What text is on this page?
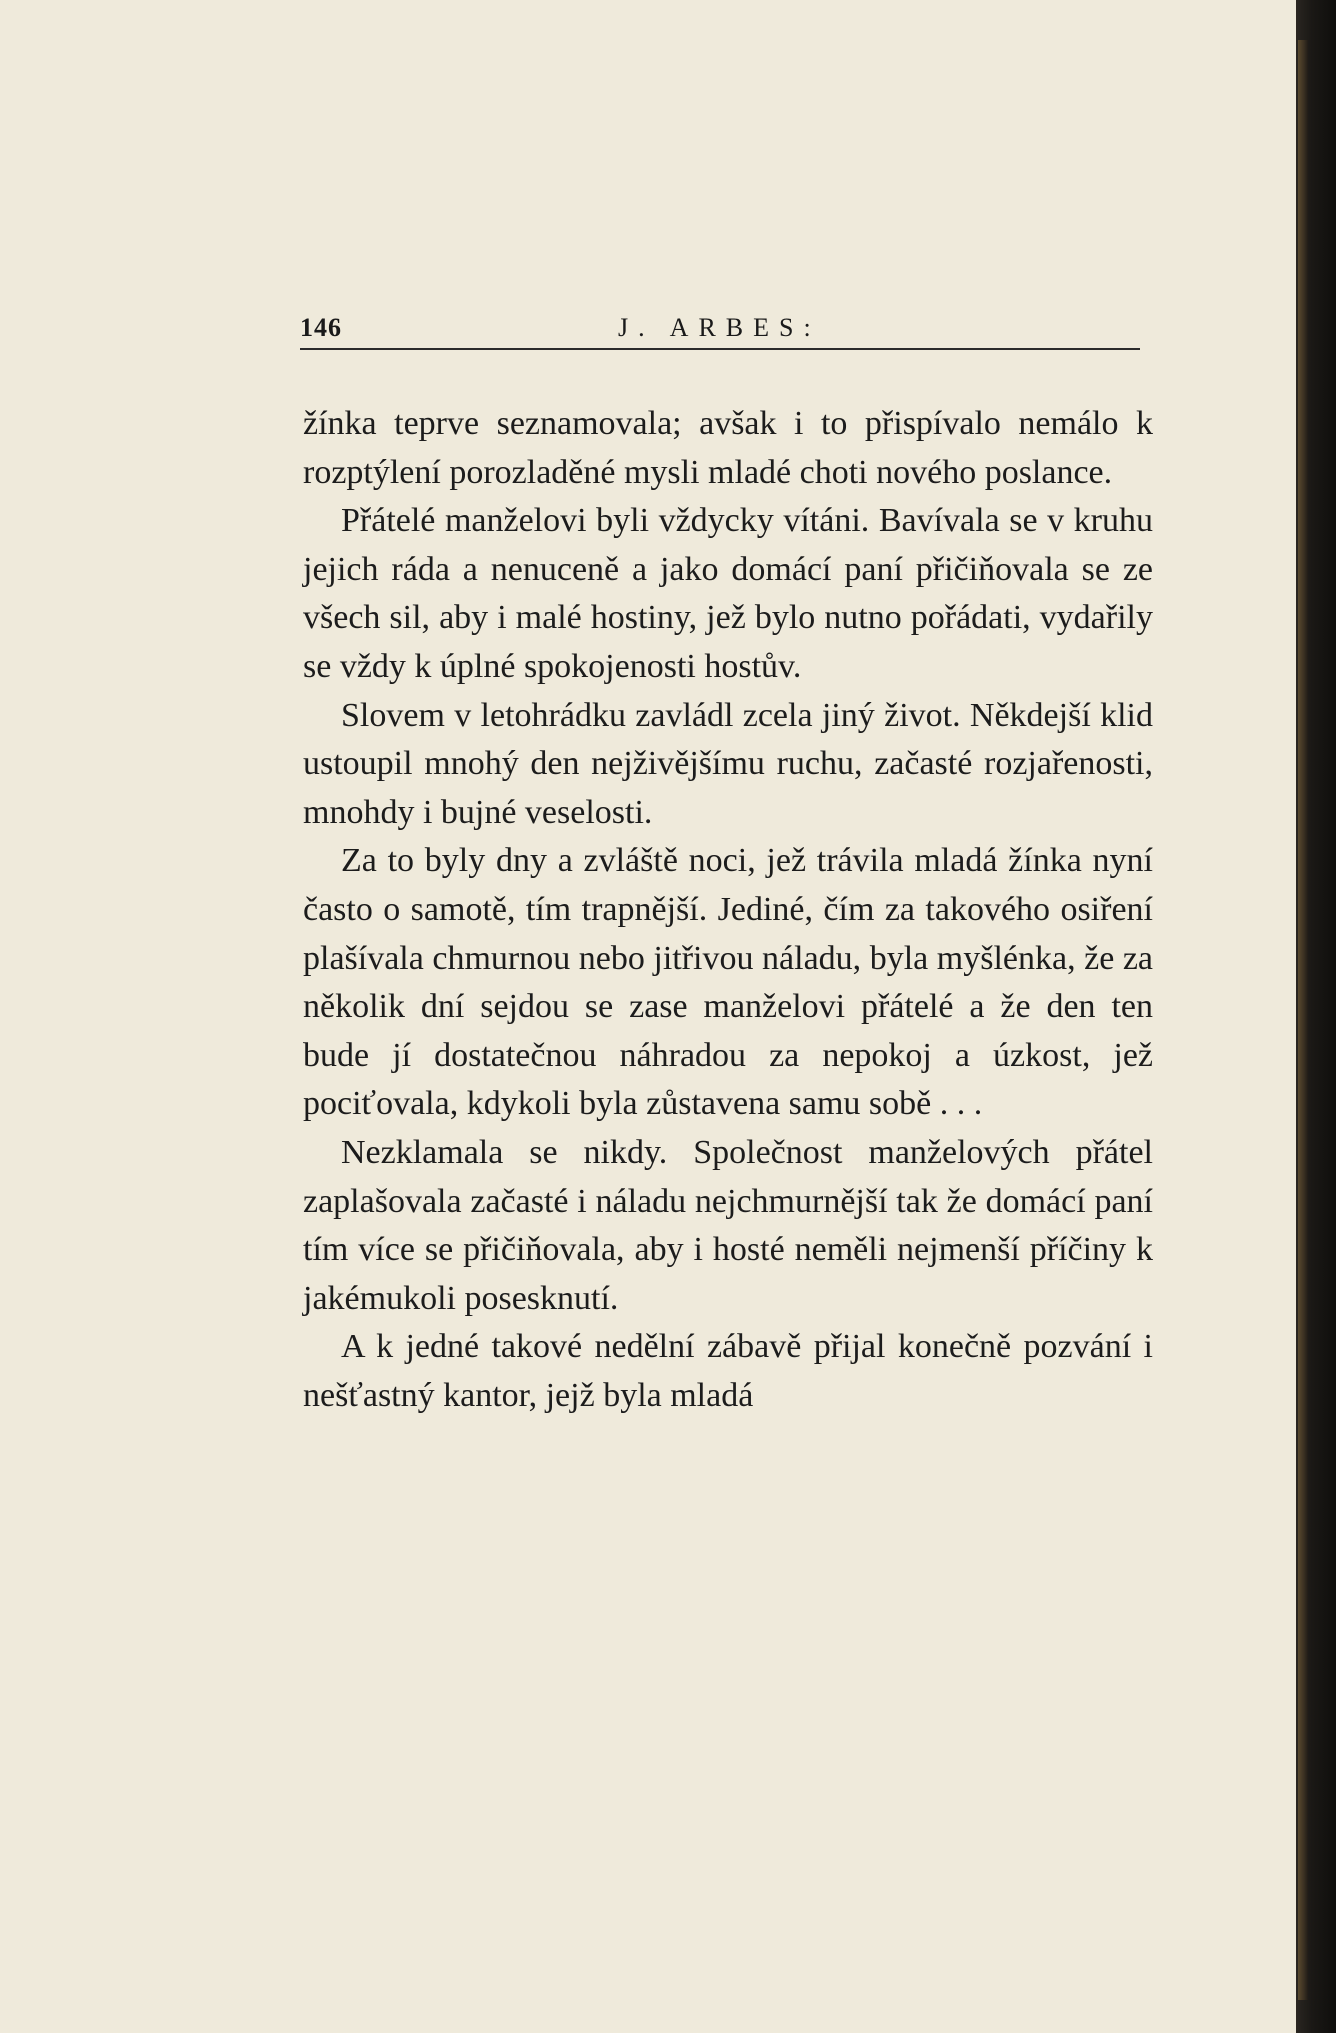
146	J. ARBES:

žínka teprve seznamovala; avšak i to přispívalo nemálo k rozptýlení porozladěné mysli mladé choti nového poslance.

Přátelé manželovi byli vždycky vítáni. Bavívala se v kruhu jejich ráda a nenuceně a jako domácí paní přičiňovala se ze všech sil, aby i malé hostiny, jež bylo nutno pořádati, vydařily se vždy k úplné spokojenosti hostův.

Slovem v letohrádku zavládl zcela jiný život. Někdejší klid ustoupil mnohý den nejživějšímu ruchu, začasté rozjařenosti, mnohdy i bujné veselosti.

Za to byly dny a zvláště noci, jež trávila mladá žínka nyní často o samotě, tím trapnější. Jediné, čím za takového osiření plašívala chmurnou nebo jitřivou náladu, byla myšlénka, že za několik dní sejdou se zase manželovi přátelé a že den ten bude jí dostatečnou náhradou za nepokoj a úzkost, jež pociťovala, kdykoli byla zůstavena samu sobě . . .

Nezklamala se nikdy. Společnost manželových přátel zaplašovala začasté i náladu nejchmurnější tak že domácí paní tím více se přičiňovala, aby i hosté neměli nejmenší příčiny k jakémukoli posesknutí.

A k jedné takové nedělní zábavě přijal konečně pozvání i nešťastný kantor, jejž byla mladá
